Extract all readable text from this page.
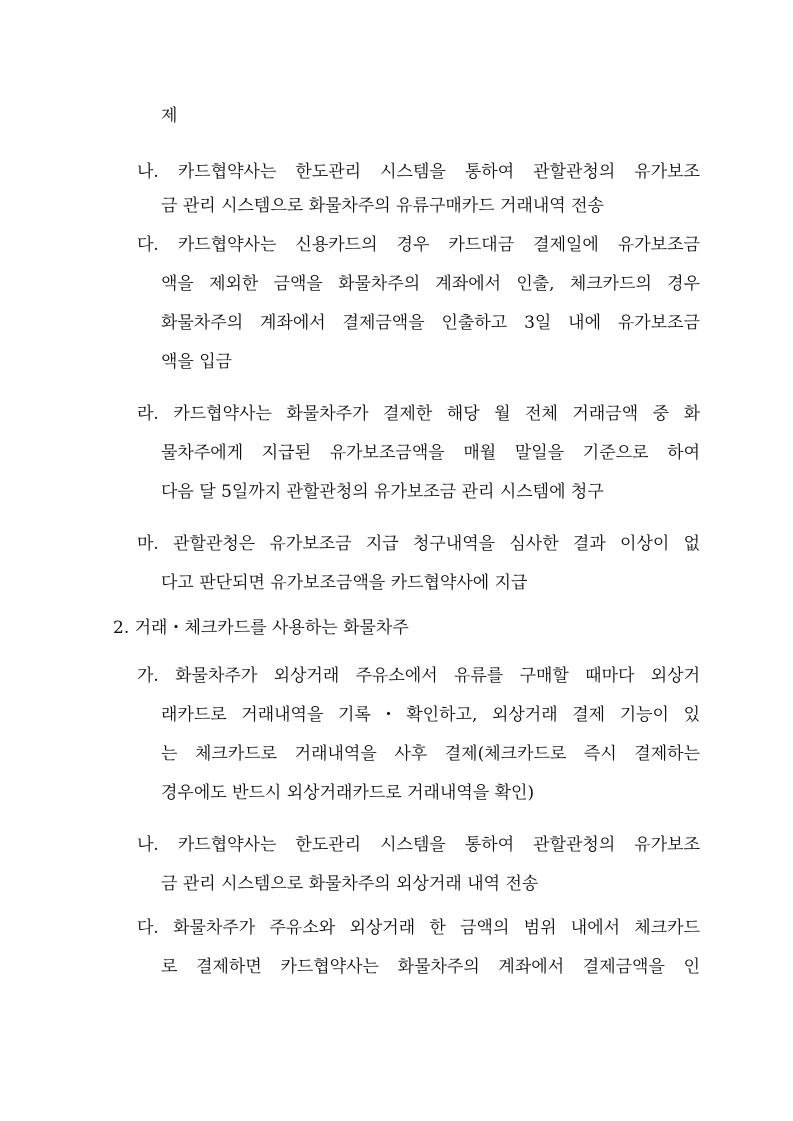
제
나. 카드협약사는 한도관리 시스템을 통하여 관할관청의 유가보조
금 관리 시스템으로 화물차주의 유류구매카드 거래내역 전송
다. 카드협약사는 신용카드의 경우 카드대금 결제일에 유가보조금
액을 제외한 금액을 화물차주의 계좌에서 인출, 체크카드의 경우
화물차주의 계좌에서 결제금액을 인출하고 3일 내에 유가보조금
액을 입금
라. 카드협약사는 화물차주가 결제한 해당 월 전체 거래금액 중 화
물차주에게 지급된 유가보조금액을 매월 말일을 기준으로 하여
다음 달 5일까지 관할관청의 유가보조금 관리 시스템에 청구
마. 관할관청은 유가보조금 지급 청구내역을 심사한 결과 이상이 없
다고 판단되면 유가보조금액을 카드협약사에 지급
2. 거래・체크카드를 사용하는 화물차주
가. 화물차주가 외상거래 주유소에서 유류를 구매할 때마다 외상거
래카드로 거래내역을 기록・확인하고, 외상거래 결제 기능이 있
는 체크카드로 거래내역을 사후 결제(체크카드로 즉시 결제하는
경우에도 반드시 외상거래카드로 거래내역을 확인)
나. 카드협약사는 한도관리 시스템을 통하여 관할관청의 유가보조
금 관리 시스템으로 화물차주의 외상거래 내역 전송
다. 화물차주가 주유소와 외상거래 한 금액의 범위 내에서 체크카드
로 결제하면 카드협약사는 화물차주의 계좌에서 결제금액을 인
